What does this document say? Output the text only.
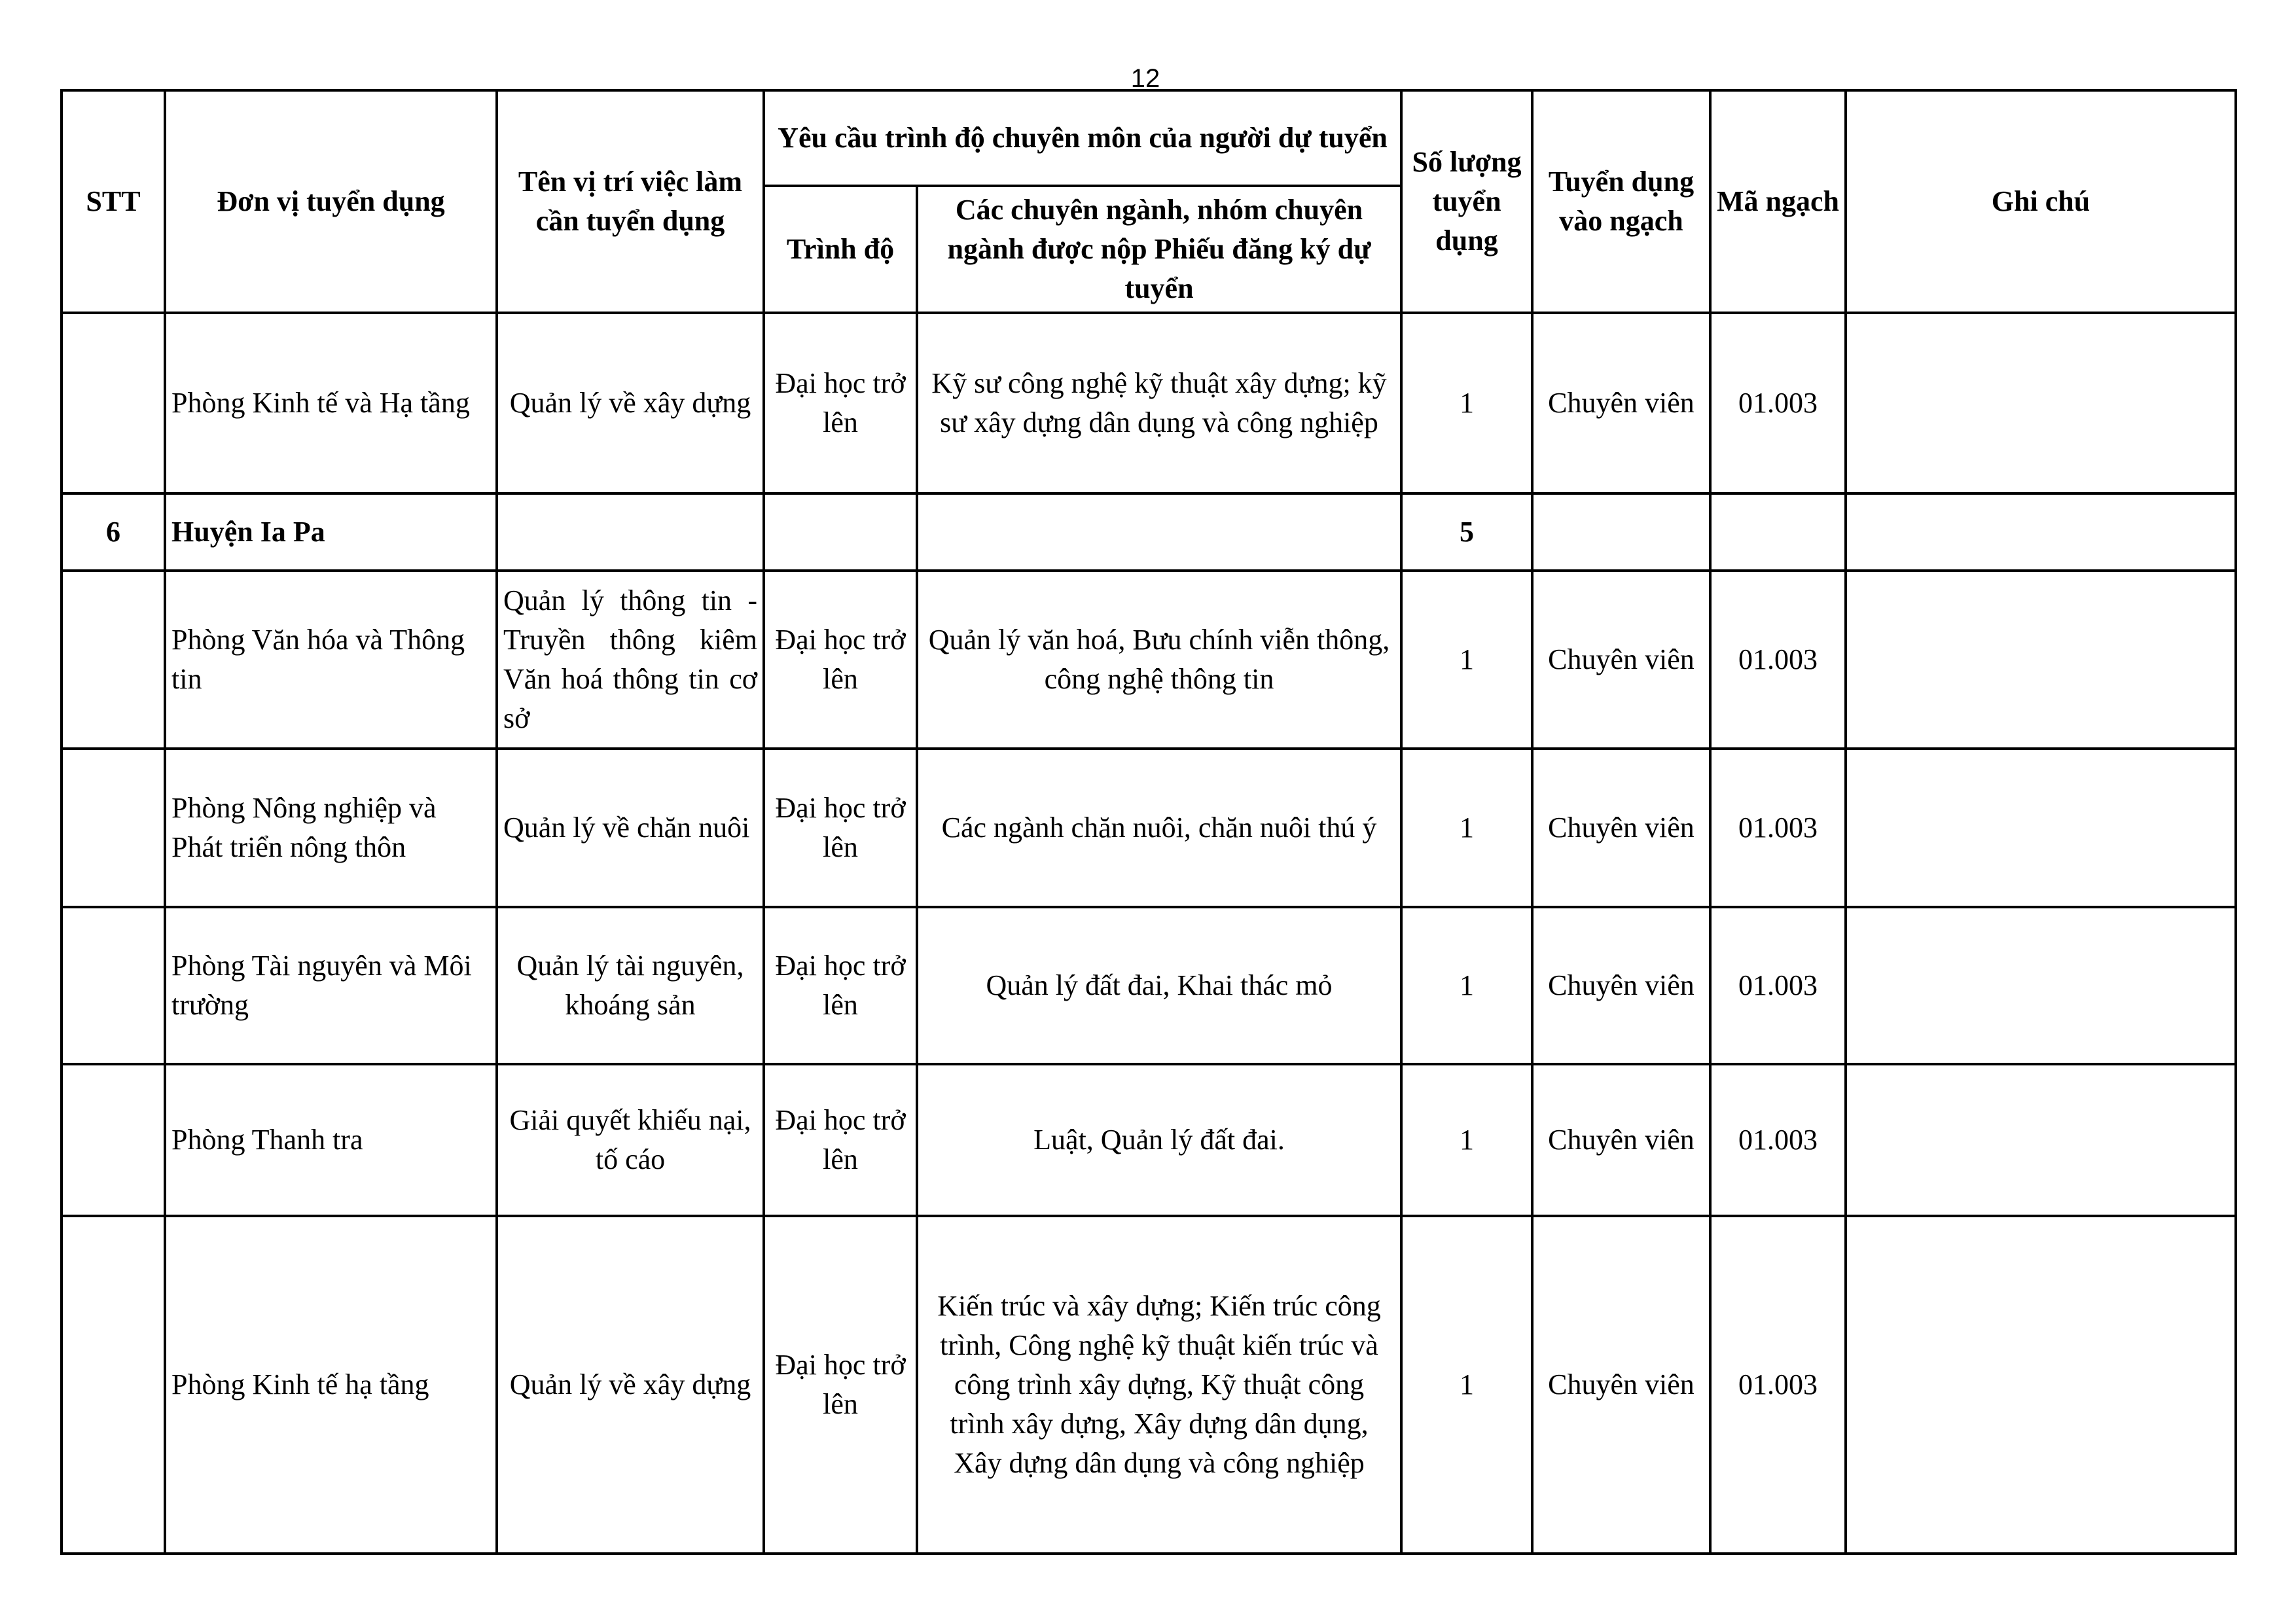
12
STT	Đơn vị tuyển dụng	Tên vị trí việc làm cần tuyển dụng	Yêu cầu trình độ chuyên môn của người dự tuyển		Số lượng tuyển dụng	Tuyển dụng vào ngạch	Mã ngạch	Ghi chú
			Trình độ	Các chuyên ngành, nhóm chuyên ngành được nộp Phiếu đăng ký dự tuyển				
	Phòng Kinh tế và Hạ tầng	Quản lý về xây dựng	Đại học trở lên	Kỹ sư công nghệ kỹ thuật xây dựng; kỹ sư xây dựng dân dụng và công nghiệp	1	Chuyên viên	01.003	
6	Huyện Ia Pa				5			
	Phòng Văn hóa và Thông tin	Quản lý thông tin - Truyền thông kiêm Văn hoá thông tin cơ sở	Đại học trở lên	Quản lý văn hoá, Bưu chính viễn thông, công nghệ thông tin	1	Chuyên viên	01.003	
	Phòng Nông nghiệp và Phát triển nông thôn	Quản lý về chăn nuôi	Đại học trở lên	Các ngành chăn nuôi, chăn nuôi thú ý	1	Chuyên viên	01.003	
	Phòng Tài nguyên và Môi trường	Quản lý tài nguyên, khoáng sản	Đại học trở lên	Quản lý đất đai, Khai thác mỏ	1	Chuyên viên	01.003	
	Phòng Thanh tra	Giải quyết khiếu nại, tố cáo	Đại học trở lên	Luật, Quản lý đất đai.	1	Chuyên viên	01.003	
	Phòng Kinh tế hạ tầng	Quản lý về xây dựng	Đại học trở lên	Kiến trúc và xây dựng; Kiến trúc công trình, Công nghệ kỹ thuật kiến trúc và công trình xây dựng, Kỹ thuật công trình xây dựng, Xây dựng dân dụng, Xây dựng dân dụng và công nghiệp	1	Chuyên viên	01.003	
